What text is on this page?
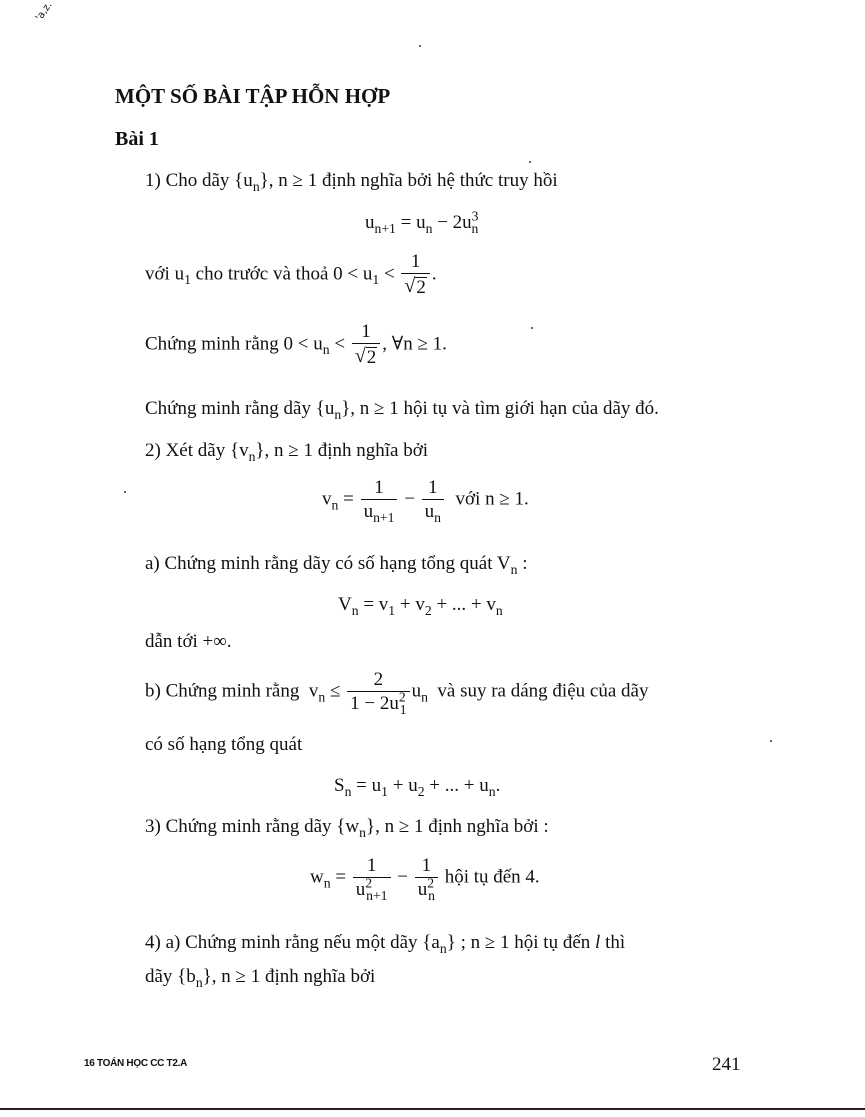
'a,z.
MỘT SỐ BÀI TẬP HỖN HỢP
Bài 1
1) Cho dãy $\{u_n\}$, n ≥ 1 định nghĩa bởi hệ thức truy hồi
$u_{n+1} = u_n - 2u^3_n$
với $u_1$ cho trước và thoả $0 < u_1 < \frac{1}{√ 2}$ .
Chứng minh rằng $0 < u_n < \frac{1}{√ 2}$ , ∀n ≥ 1.
Chứng minh rằng dãy $\{u_n\}$, n ≥ 1 hội tụ và tìm giới hạn của dãy đó.
2) Xét dãy $\{v_n\}$, n ≥ 1 định nghĩa bởi
$v_n = \frac{1}{u_{n+1}} - \frac{1}{u_n}$ với n ≥ 1.
a) Chứng minh rằng dãy có số hạng tổng quát $V_n$ :
$V_n = v_1 + v_2$ + ... + $v_n$
dẫn tới +∞.
b) Chứng minh rằng  $v_n \le \frac{2}{1 - 2u^2_1} u_n$ và suy ra dáng điệu của dãy
có số hạng tổng quát
$S_n = u_1 + u_2$ + ... + $u_n$.
3) Chứng minh rằng dãy $\{w_n\}$, n ≥ 1 định nghĩa bởi :
$w_n = \frac{1}{u^2_{n+1}} - \frac{1}{u^2_n}$ hội tụ đến 4.
4) a) Chứng minh rằng nếu một dãy $\{a_n\}$ ; n ≥ 1 hội tụ đến l thì
dãy $\{b_n\}$, n ≥ 1 định nghĩa bởi
16 TOÁN HỌC CC T2.A	241
